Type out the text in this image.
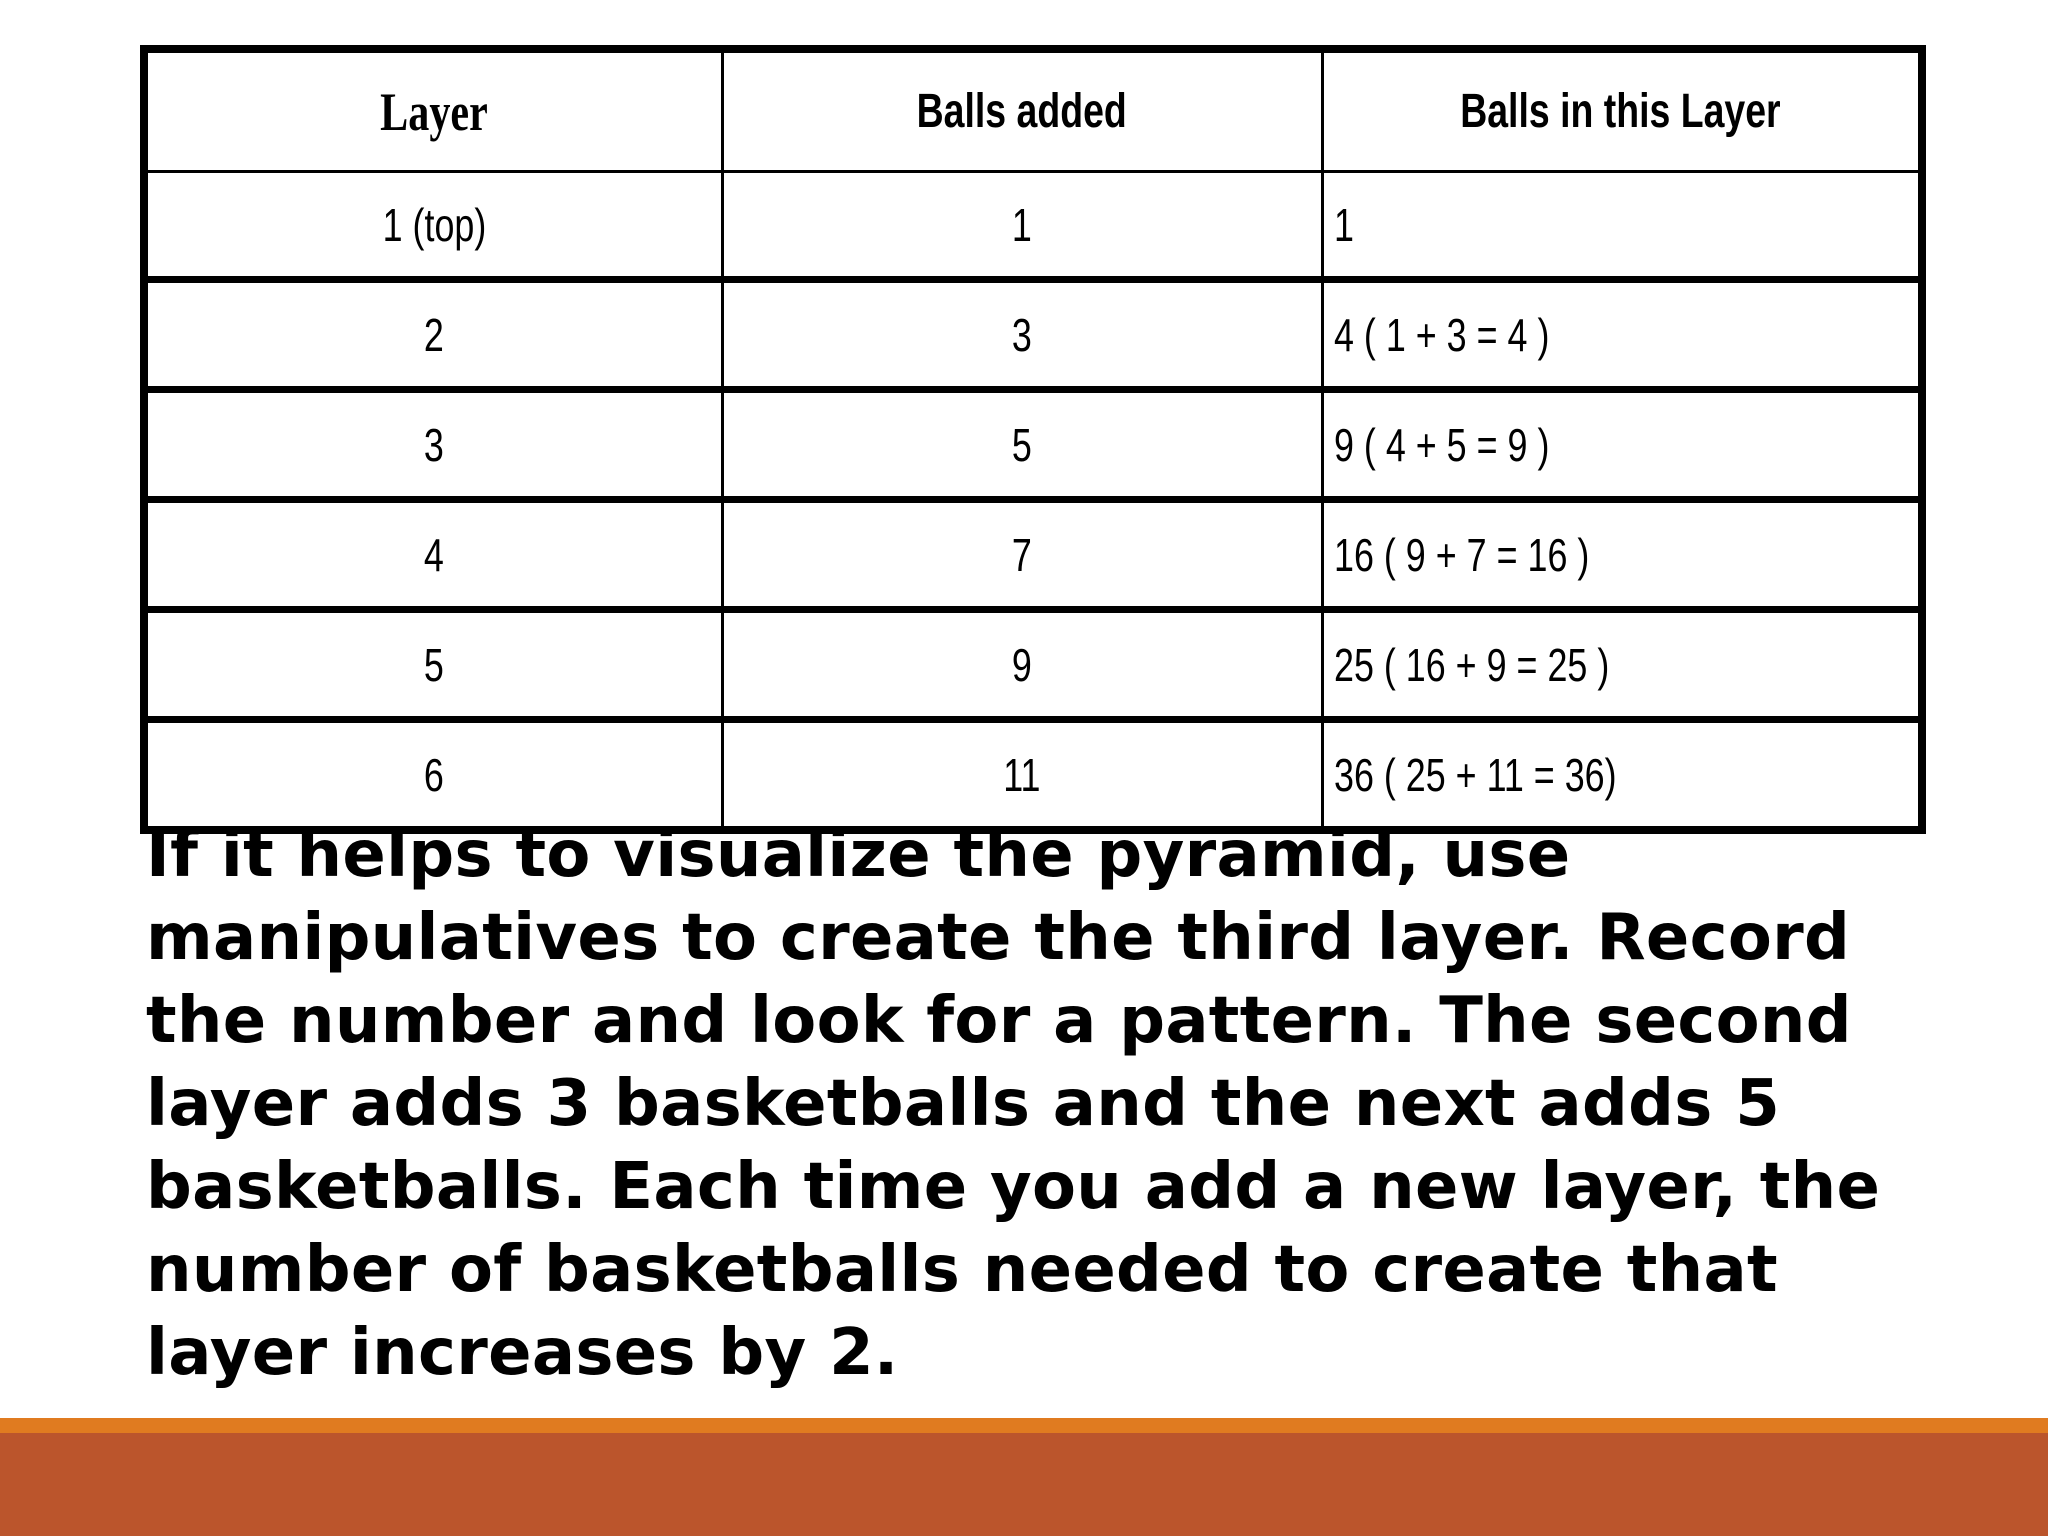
Layer	Balls added	Balls in this Layer
1 (top)	1	1
2	3	4 ( 1 + 3 = 4 )
3	5	9 ( 4 + 5 = 9 )
4	7	16 ( 9 + 7 = 16 )
5	9	25 ( 16 + 9 = 25 )
6	11	36 ( 25 + 11 = 36)

If it helps to visualize the pyramid, use manipulatives to create the third layer. Record the number and look for a pattern. The second layer adds 3 basketballs and the next adds 5 basketballs. Each time you add a new layer, the number of basketballs needed to create that layer increases by 2.
